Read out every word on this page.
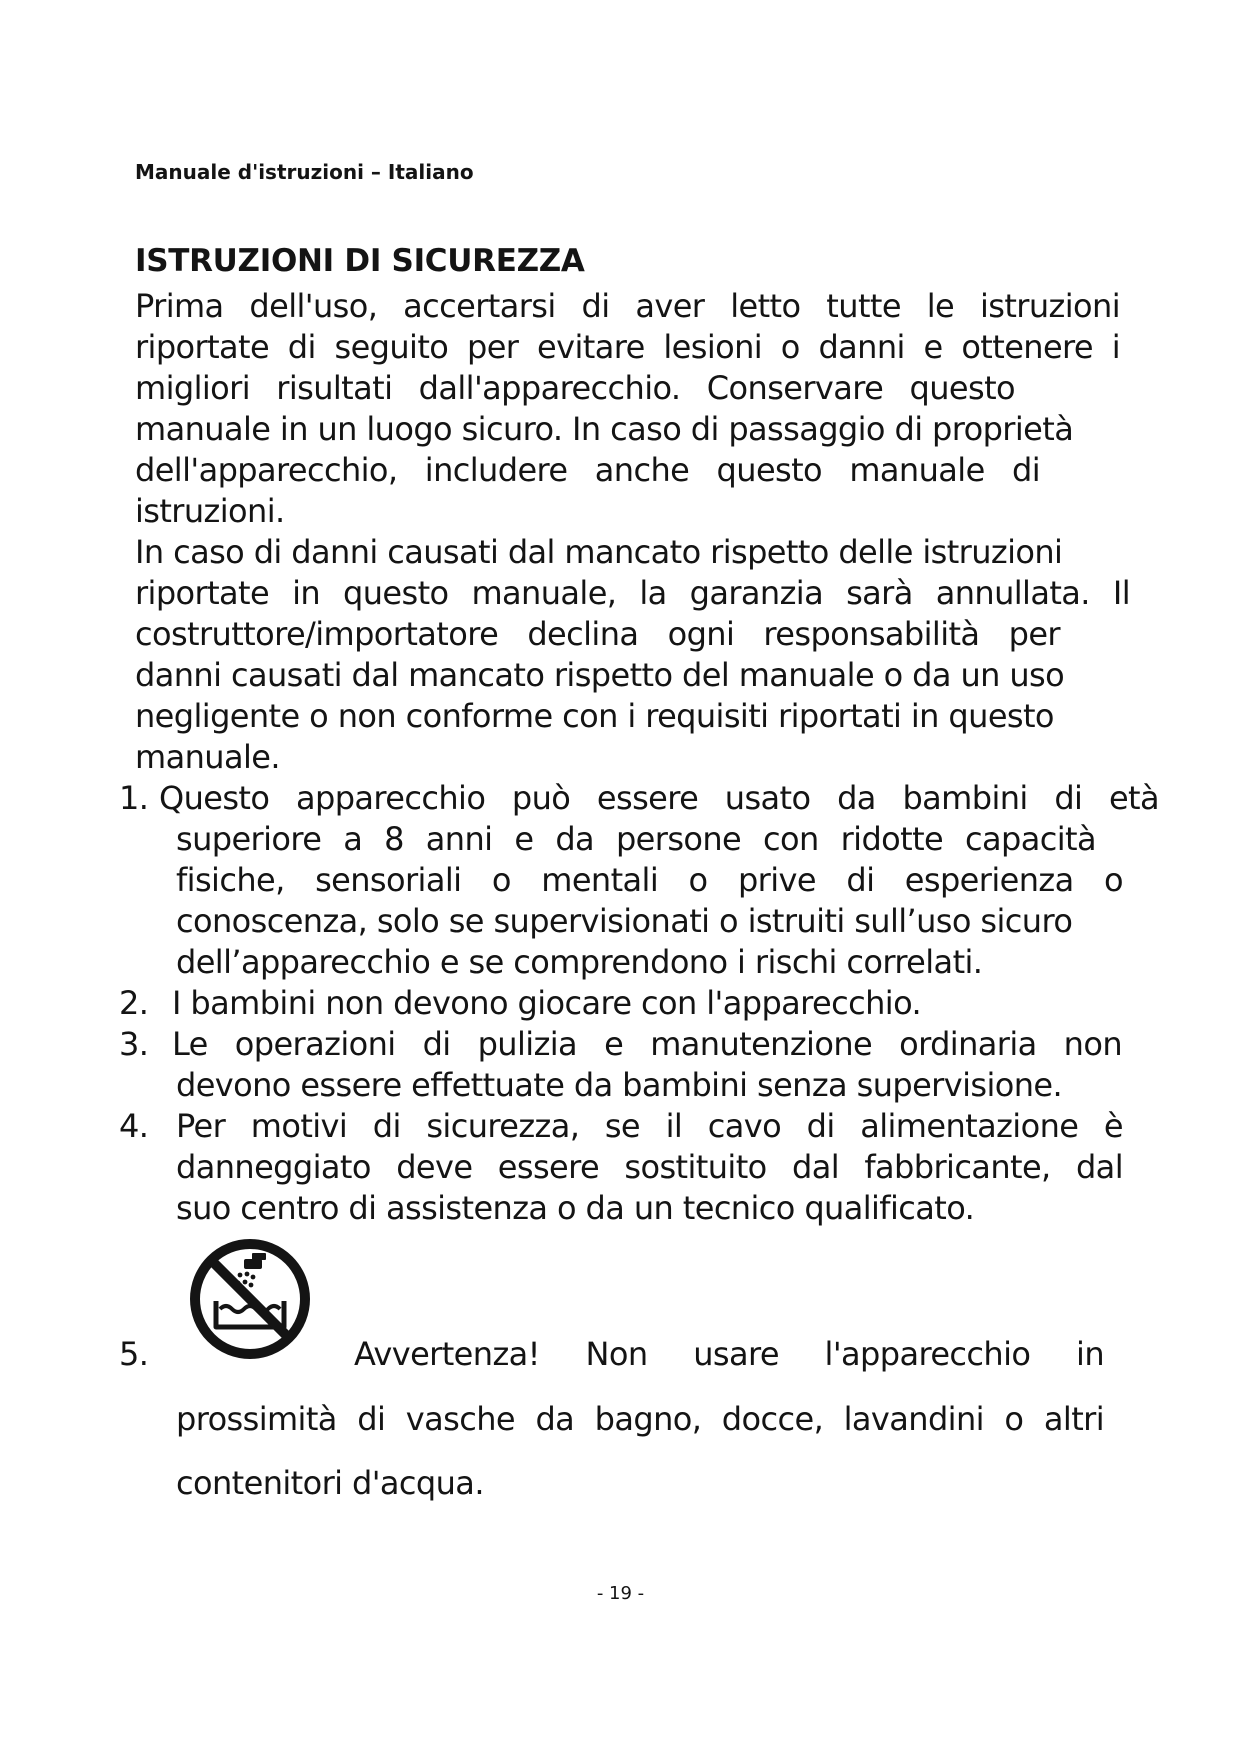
Manuale d'istruzioni – Italiano
ISTRUZIONI DI SICUREZZA
Prima dell'uso, accertarsi di aver letto tutte le istruzioni
riportate di seguito per evitare lesioni o danni e ottenere i
migliori risultati dall'apparecchio. Conservare questo
manuale in un luogo sicuro. In caso di passaggio di proprietà
dell'apparecchio, includere anche questo manuale di
istruzioni.
In caso di danni causati dal mancato rispetto delle istruzioni
riportate in questo manuale, la garanzia sarà annullata. Il
costruttore/importatore declina ogni responsabilità per
danni causati dal mancato rispetto del manuale o da un uso
negligente o non conforme con i requisiti riportati in questo
manuale.
1. Questo apparecchio può essere usato da bambini di età
superiore a 8 anni e da persone con ridotte capacità
fisiche, sensoriali o mentali o prive di esperienza o
conoscenza, solo se supervisionati o istruiti sull’uso sicuro
dell’apparecchio e se comprendono i rischi correlati.
2. I bambini non devono giocare con l'apparecchio.
3. Le operazioni di pulizia e manutenzione ordinaria non
devono essere effettuate da bambini senza supervisione.
4. Per motivi di sicurezza, se il cavo di alimentazione è
danneggiato deve essere sostituito dal fabbricante, dal
suo centro di assistenza o da un tecnico qualificato.
5.	Avvertenza! Non usare l'apparecchio in
prossimità di vasche da bagno, docce, lavandini o altri
contenitori d'acqua.
- 19 -
